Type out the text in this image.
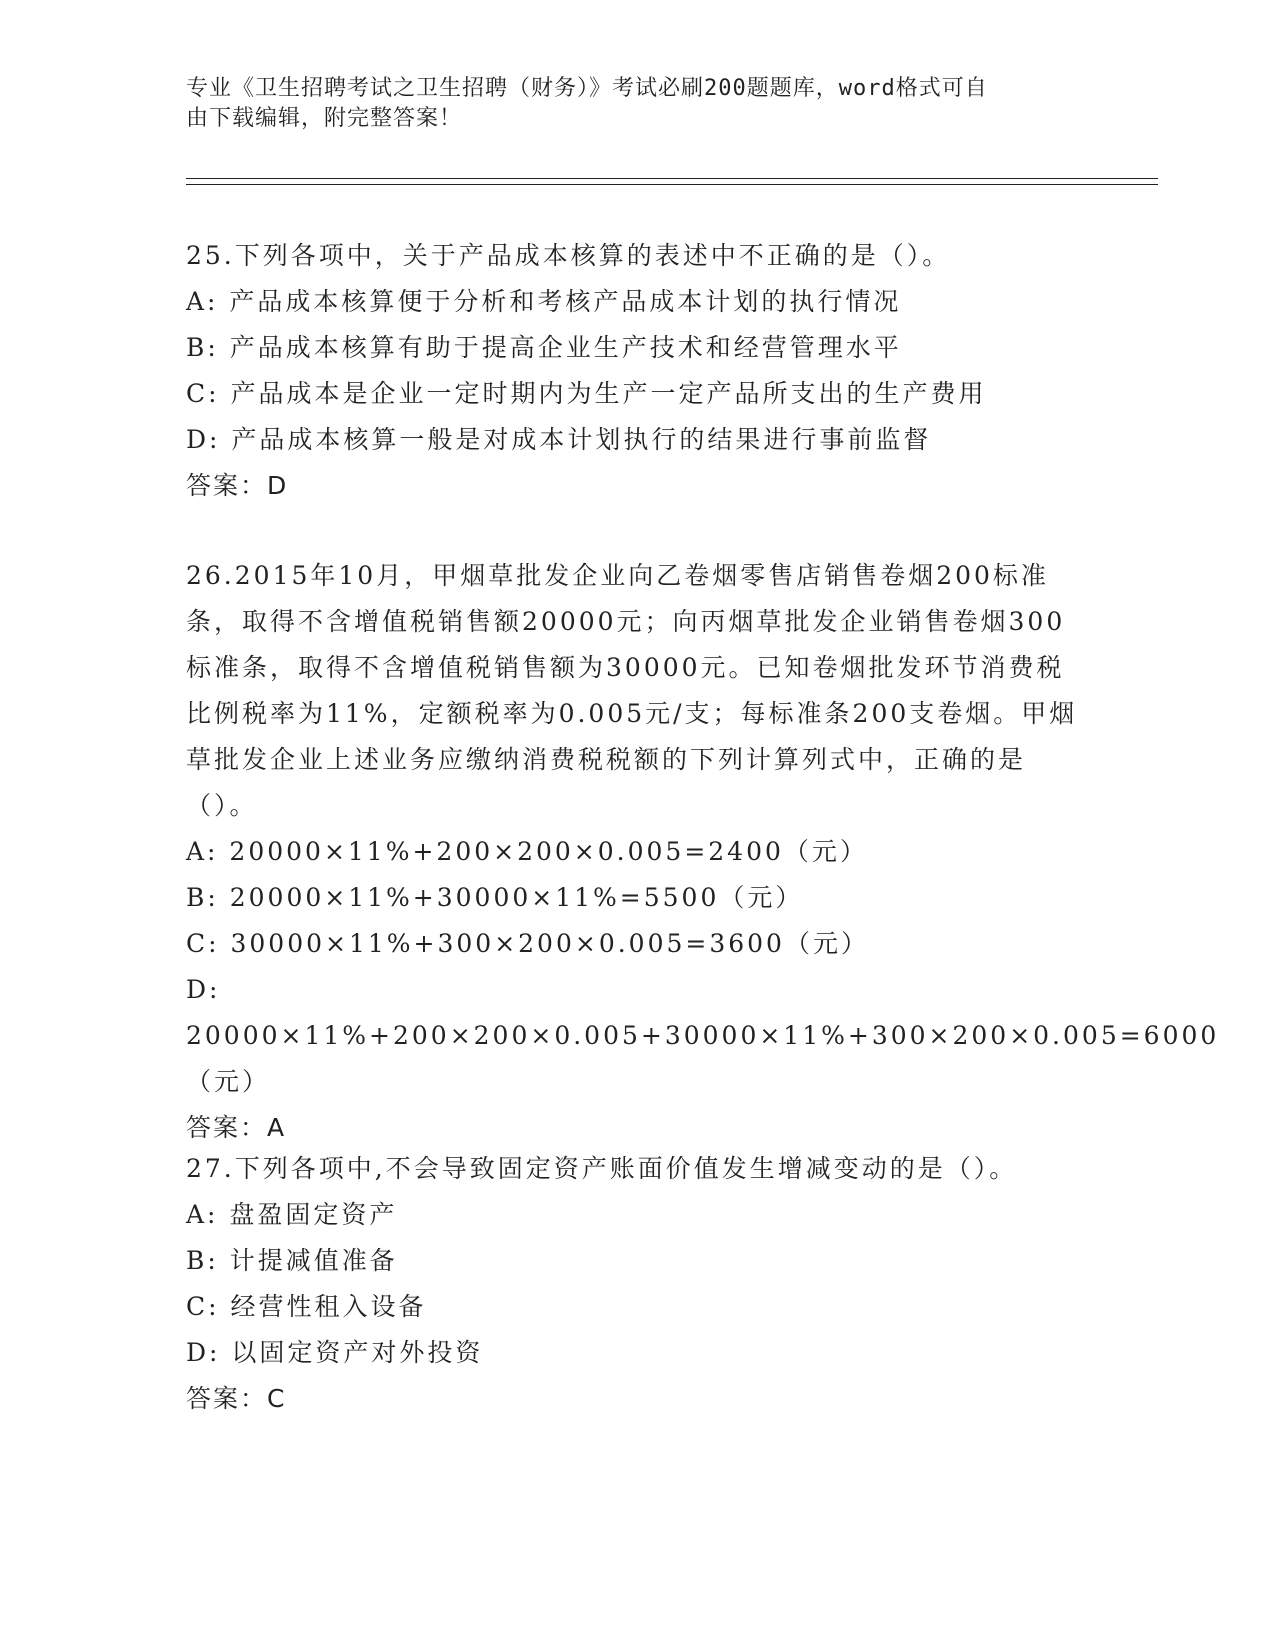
专业《卫生招聘考试之卫生招聘（财务）》考试必刷200题题库，word格式可自
由下载编辑，附完整答案！

25.下列各项中，关于产品成本核算的表述中不正确的是（）。

A: 产品成本核算便于分析和考核产品成本计划的执行情况

B: 产品成本核算有助于提高企业生产技术和经营管理水平

C: 产品成本是企业一定时期内为生产一定产品所支出的生产费用

D: 产品成本核算一般是对成本计划执行的结果进行事前监督

答案：D

26.2015年10月，甲烟草批发企业向乙卷烟零售店销售卷烟200标准条，取得不含增值税销售额20000元；向丙烟草批发企业销售卷烟300标准条，取得不含增值税销售额为30000元。已知卷烟批发环节消费税比例税率为11%，定额税率为0.005元/支；每标准条200支卷烟。甲烟草批发企业上述业务应缴纳消费税税额的下列计算列式中，正确的是（）。

A: 20000×11%+200×200×0.005=2400（元）

B: 20000×11%+30000×11%=5500（元）

C: 30000×11%+300×200×0.005=3600（元）

D: 20000×11%+200×200×0.005+30000×11%+300×200×0.005=6000（元）

答案：A

27.下列各项中,不会导致固定资产账面价值发生增减变动的是（）。

A: 盘盈固定资产

B: 计提减值准备

C: 经营性租入设备

D: 以固定资产对外投资

答案：C
